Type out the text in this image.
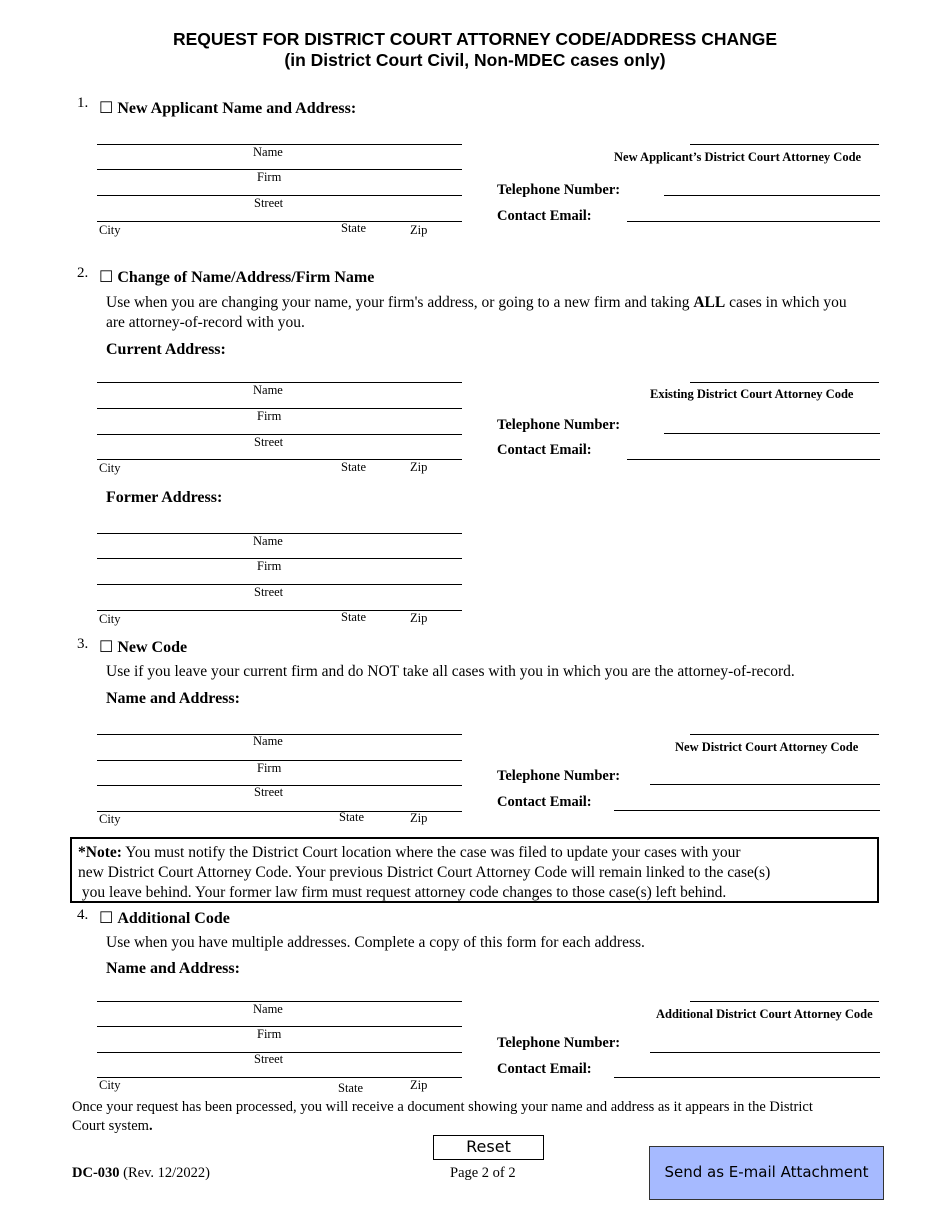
REQUEST FOR DISTRICT COURT ATTORNEY CODE/ADDRESS CHANGE
(in District Court Civil, Non-MDEC cases only)
1. ☐ New Applicant Name and Address:
Name
Firm
Street
City	State	Zip
New Applicant’s District Court Attorney Code
Telephone Number:
Contact Email:
2. ☐ Change of Name/Address/Firm Name
Use when you are changing your name, your firm's address, or going to a new firm and taking ALL cases in which you are attorney-of-record with you.
Current Address:
Name
Firm
Street
City	State	Zip
Existing District Court Attorney Code
Telephone Number:
Contact Email:
Former Address:
Name
Firm
Street
City	State	Zip
3. ☐ New Code
Use if you leave your current firm and do NOT take all cases with you in which you are the attorney-of-record.
Name and Address:
Name
Firm
Street
City	State	Zip
New District Court Attorney Code
Telephone Number:
Contact Email:
*Note: You must notify the District Court location where the case was filed to update your cases with your
new District Court Attorney Code. Your previous District Court Attorney Code will remain linked to the case(s)
you leave behind. Your former law firm must request attorney code changes to those case(s) left behind.
4. ☐ Additional Code
Use when you have multiple addresses. Complete a copy of this form for each address.
Name and Address:
Name
Firm
Street
City	State	Zip
Additional District Court Attorney Code
Telephone Number:
Contact Email:
Once your request has been processed, you will receive a document showing your name and address as it appears in the District
Court system.
Reset
DC-030 (Rev. 12/2022)	Page 2 of 2	Send as E-mail Attachment
